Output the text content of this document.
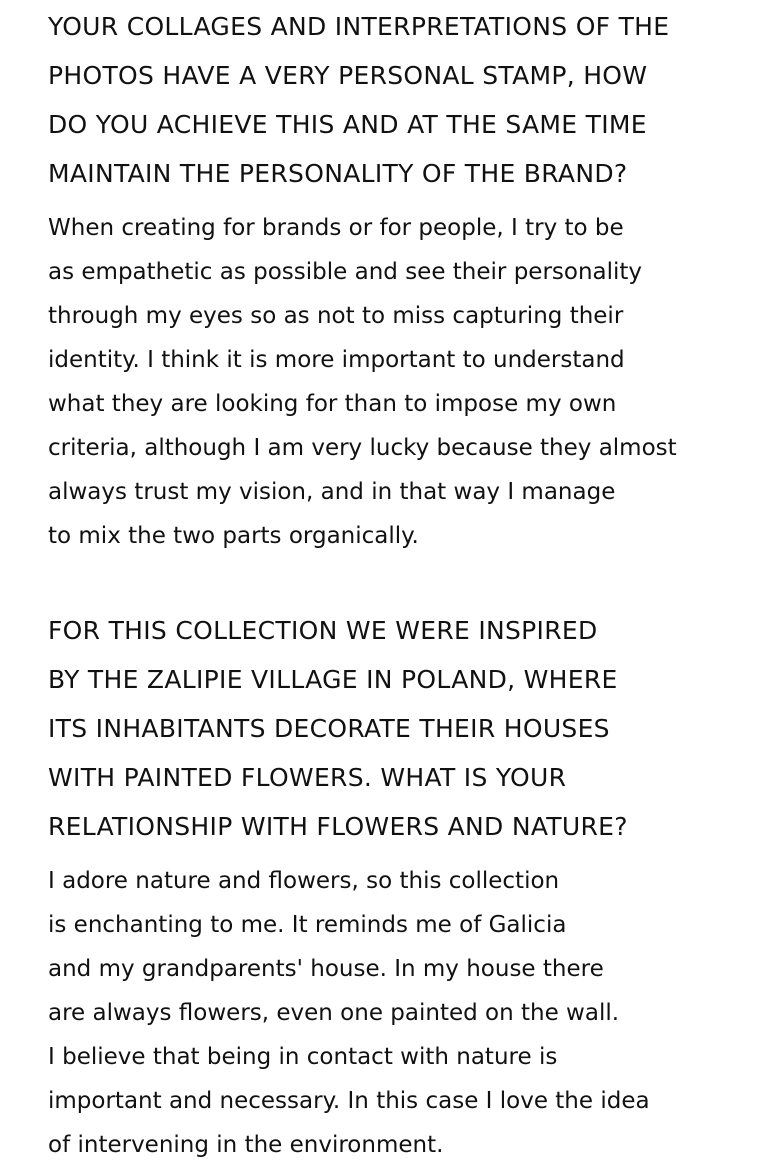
YOUR COLLAGES AND INTERPRETATIONS OF THE
PHOTOS HAVE A VERY PERSONAL STAMP, HOW
DO YOU ACHIEVE THIS AND AT THE SAME TIME
MAINTAIN THE PERSONALITY OF THE BRAND?
When creating for brands or for people, I try to be
as empathetic as possible and see their personality
through my eyes so as not to miss capturing their
identity. I think it is more important to understand
what they are looking for than to impose my own
criteria, although I am very lucky because they almost
always trust my vision, and in that way I manage
to mix the two parts organically.
FOR THIS COLLECTION WE WERE INSPIRED
BY THE ZALIPIE VILLAGE IN POLAND, WHERE
ITS INHABITANTS DECORATE THEIR HOUSES
WITH PAINTED FLOWERS. WHAT IS YOUR
RELATIONSHIP WITH FLOWERS AND NATURE?
I adore nature and flowers, so this collection
is enchanting to me. It reminds me of Galicia
and my grandparents' house. In my house there
are always flowers, even one painted on the wall.
I believe that being in contact with nature is
important and necessary. In this case I love the idea
of intervening in the environment.
